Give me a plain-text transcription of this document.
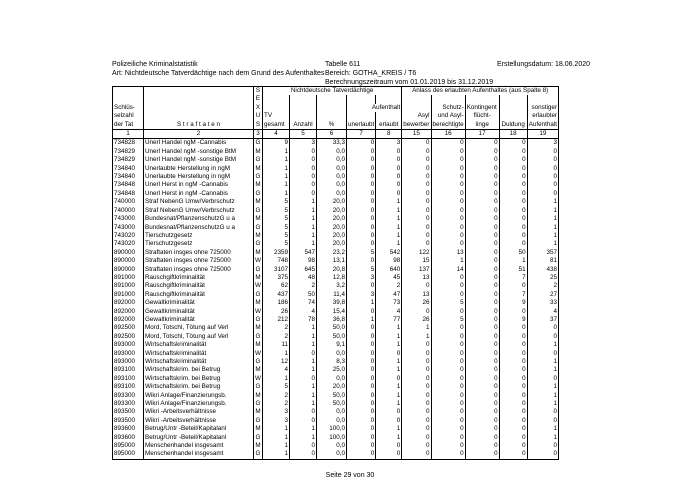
Polizeiliche Kriminalstatistik
Art: Nichtdeutsche Tatverdächtige nach dem Grund des Aufenthaltes
Tabelle 611
Bereich: GOTHA_KREIS / T6
Berechnungszeitraum vom 01.01.2019 bis 31.12.2019
Erstellungsdatum: 18.06.2020
		S	Nichtdeutsche Tatverdächtige					Anlass des erlaubten Aufenthaltes (aus Spalte 8)				
		E										
Schlüs-		X				Aufenthalt			Schutz-	Kontingent		sonstiger
selzahl		U	TV					Asyl	und Asyl-	flücht-		erlaubter
der Tat	S t r a f t a t e n	S	gesamt	Anzahl	%	unerlaubt	erlaubt	bewerber	berechtigte	linge	Duldung	Aufenthalt
1	2	3	4	5	6	7	8	15	16	17	18	19
734828	Unerl Handel ngM -Cannabis	G	9	3	33,3	0	3	0	0	0	0	3
734829	Unerl Handel ngM -sonstige BtM	M	1	0	0,0	0	0	0	0	0	0	0
734829	Unerl Handel ngM -sonstige BtM	G	1	0	0,0	0	0	0	0	0	0	0
734840	Unerlaubte Herstellung in ngM	M	1	0	0,0	0	0	0	0	0	0	0
734840	Unerlaubte Herstellung in ngM	G	1	0	0,0	0	0	0	0	0	0	0
734848	Unerl Herst in ngM -Cannabis	M	1	0	0,0	0	0	0	0	0	0	0
734848	Unerl Herst in ngM -Cannabis	G	1	0	0,0	0	0	0	0	0	0	0
740000	Straf NebenG Umw/Verbrschutz	M	5	1	20,0	0	1	0	0	0	0	1
740000	Straf NebenG Umw/Verbrschutz	G	5	1	20,0	0	1	0	0	0	0	1
743000	Bundesnat/PflanzenschutzG u a	M	5	1	20,0	0	1	0	0	0	0	1
743000	Bundesnat/PflanzenschutzG u a	G	5	1	20,0	0	1	0	0	0	0	1
743020	Tierschutzgesetz	M	5	1	20,0	0	1	0	0	0	0	1
743020	Tierschutzgesetz	G	5	1	20,0	0	1	0	0	0	0	1
890000	Straftaten insges ohne 725000	M	2359	547	23,2	5	542	122	13	0	50	357
890000	Straftaten insges ohne 725000	W	748	98	13,1	0	98	15	1	0	1	81
890000	Straftaten insges ohne 725000	G	3107	645	20,8	5	640	137	14	0	51	438
891000	Rauschgiftkriminalität	M	375	48	12,8	3	45	13	0	0	7	25
891000	Rauschgiftkriminalität	W	62	2	3,2	0	2	0	0	0	0	2
891000	Rauschgiftkriminalität	G	437	50	11,4	3	47	13	0	0	7	27
892000	Gewaltkriminalität	M	186	74	39,8	1	73	26	5	0	9	33
892000	Gewaltkriminalität	W	26	4	15,4	0	4	0	0	0	0	4
892000	Gewaltkriminalität	G	212	78	36,8	1	77	26	5	0	9	37
892500	Mord, Totschl, Tötung auf Verl	M	2	1	50,0	0	1	1	0	0	0	0
892500	Mord, Totschl, Tötung auf Verl	G	2	1	50,0	0	1	1	0	0	0	0
893000	Wirtschaftskriminalität	M	11	1	9,1	0	1	0	0	0	0	1
893000	Wirtschaftskriminalität	W	1	0	0,0	0	0	0	0	0	0	0
893000	Wirtschaftskriminalität	G	12	1	8,3	0	1	0	0	0	0	1
893100	Wirtschaftskrim. bei Betrug	M	4	1	25,0	0	1	0	0	0	0	1
893100	Wirtschaftskrim. bei Betrug	W	1	0	0,0	0	0	0	0	0	0	0
893100	Wirtschaftskrim. bei Betrug	G	5	1	20,0	0	1	0	0	0	0	1
893300	Wikri Anlage/Finanzierungsb.	M	2	1	50,0	0	1	0	0	0	0	1
893300	Wikri Anlage/Finanzierungsb.	G	2	1	50,0	0	1	0	0	0	0	1
893500	Wikri -Arbeitsverhältnisse	M	3	0	0,0	0	0	0	0	0	0	0
893500	Wikri -Arbeitsverhältnisse	G	3	0	0,0	0	0	0	0	0	0	0
893600	Betrug/Untr -Beteil/Kapitalanl	M	1	1	100,0	0	1	0	0	0	0	1
893600	Betrug/Untr -Beteil/Kapitalanl	G	1	1	100,0	0	1	0	0	0	0	1
895000	Menschenhandel insgesamt	M	1	0	0,0	0	0	0	0	0	0	0
895000	Menschenhandel insgesamt	G	1	0	0,0	0	0	0	0	0	0	0
Seite 29 von 30
